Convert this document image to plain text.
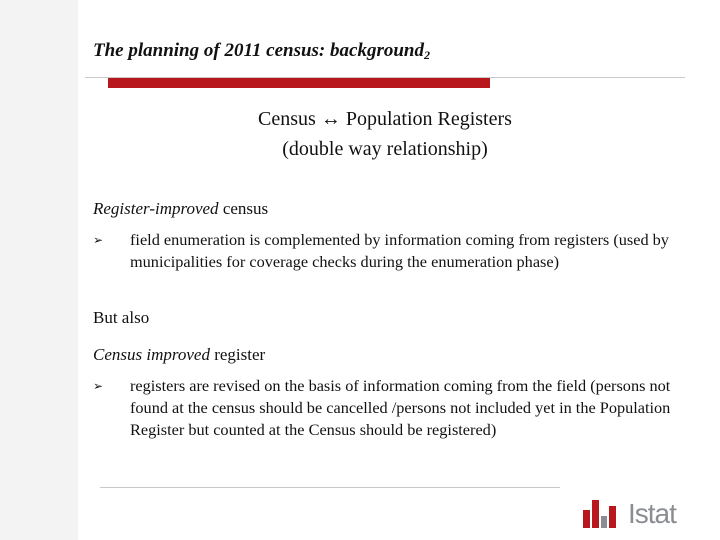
The planning of 2011 census: background$_2$
Census ↔ Population Registers
(double way relationship)
Register-improved census
➢ field enumeration is complemented by information coming from registers (used by municipalities for coverage checks during the enumeration phase)
But also
Census improved register
➢ registers are revised on the basis of information coming from the field (persons not found at the census should be cancelled /persons not included yet in the Population Register but counted at the Census should be registered)
Istat
